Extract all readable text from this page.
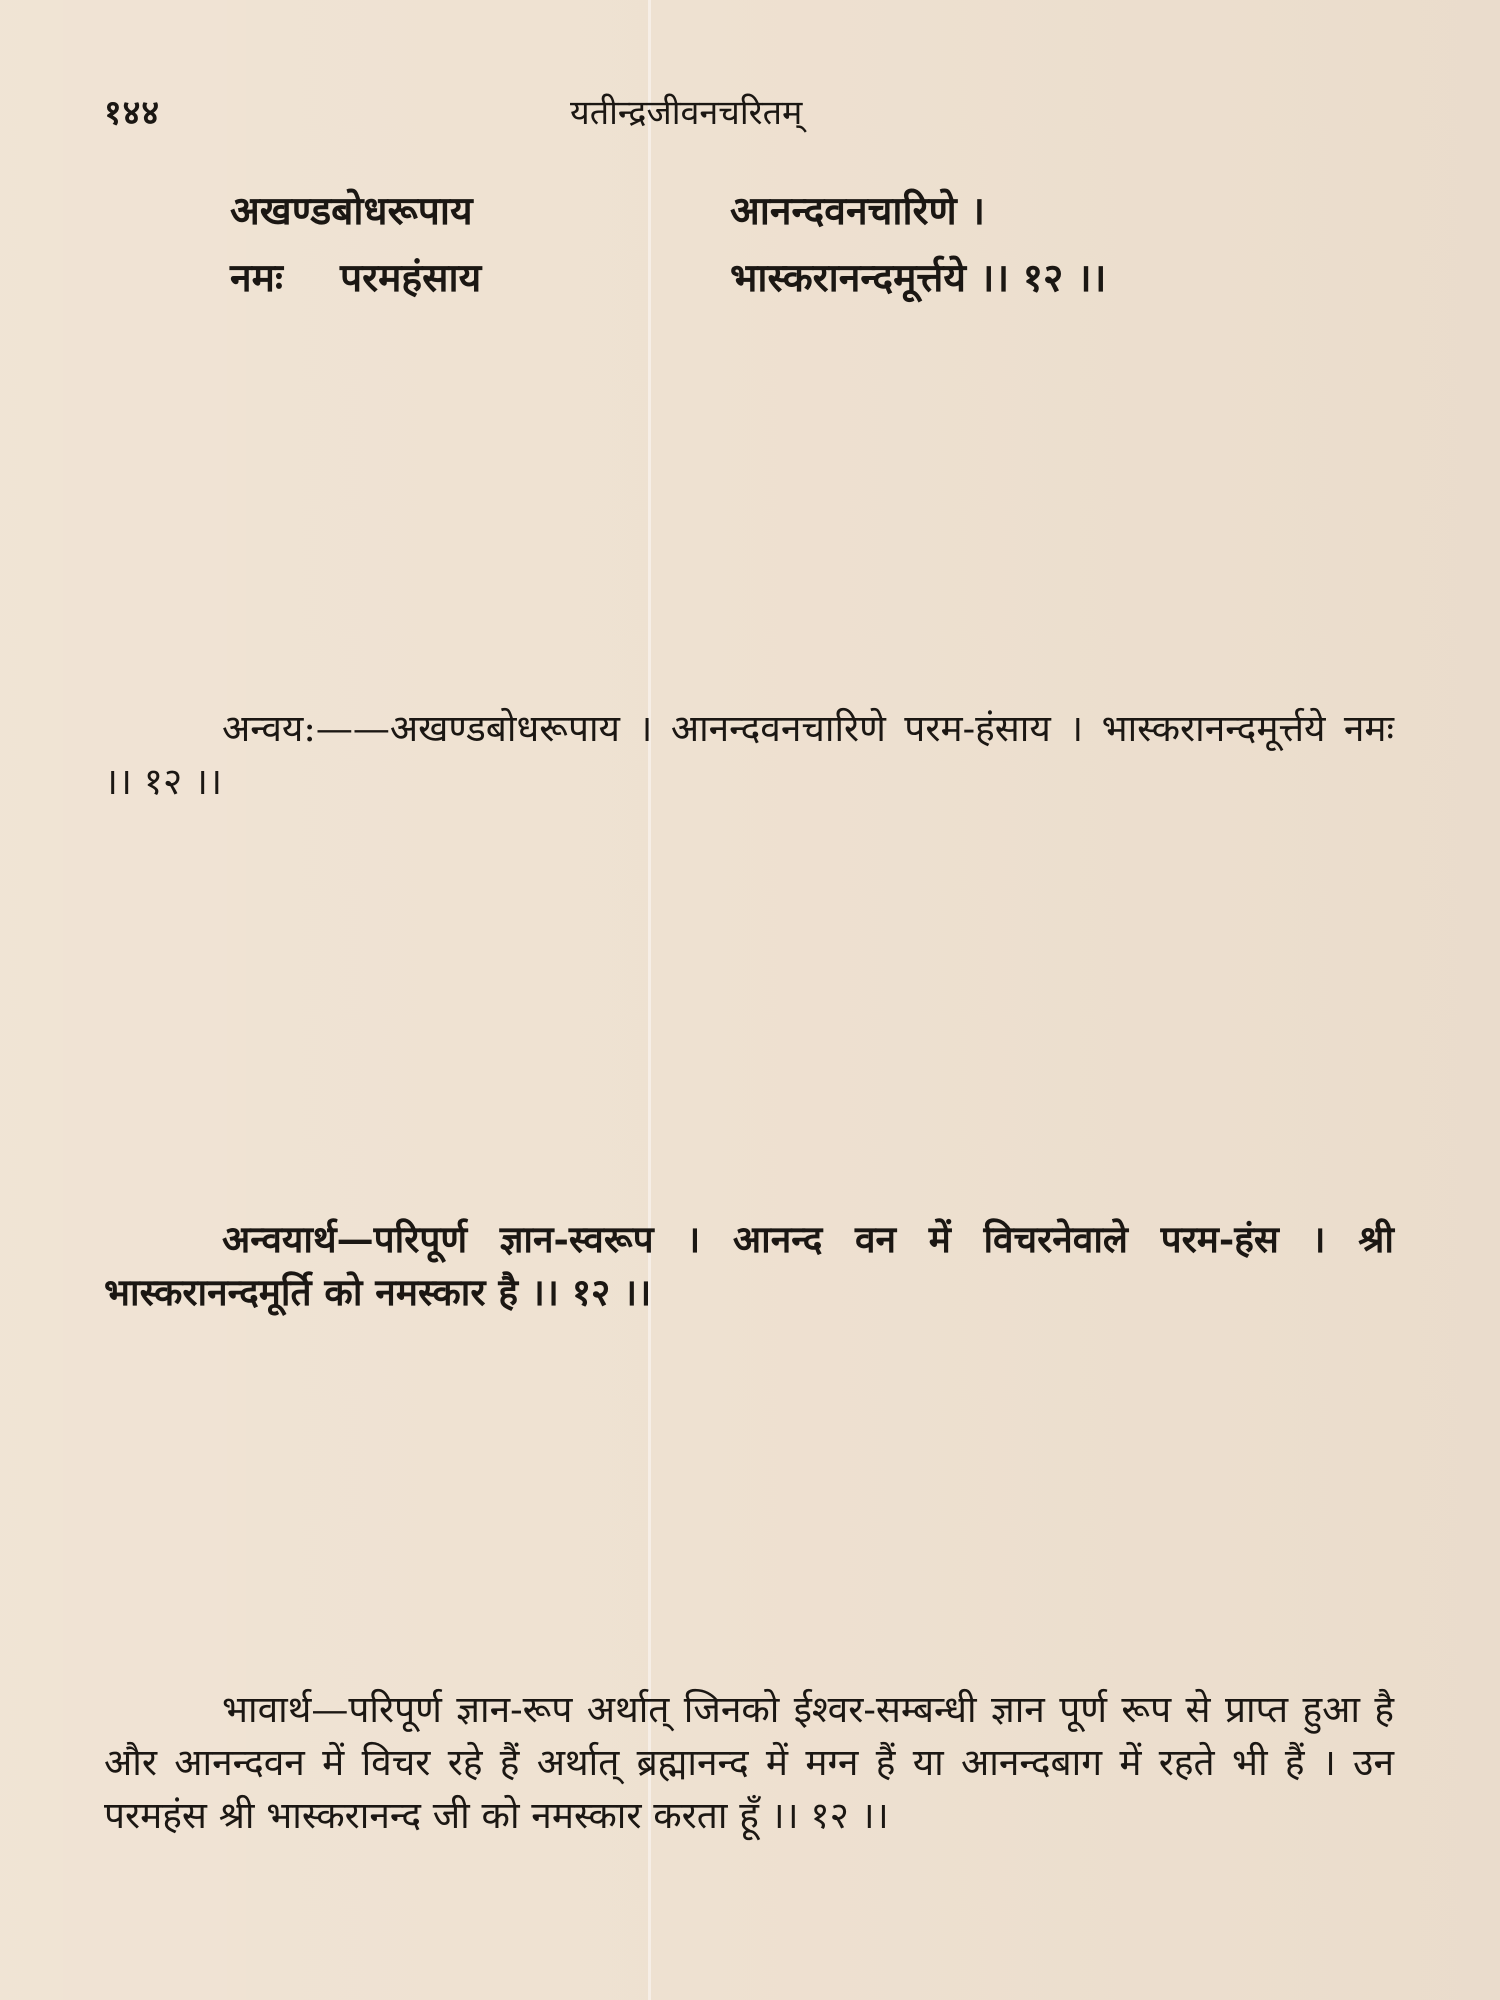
१४४	यतीन्द्रजीवनचरितम्
अखण्डबोधरूपाय	आनन्दवनचारिणे ।
नमः	परमहंसाय	भास्करानन्दमूर्त्तये ।। १२ ।।
अन्वय:——अखण्डबोधरूपाय । आनन्दवनचारिणे परम-हंसाय । भास्करानन्दमूर्त्तये नमः ।। १२ ।।
अन्वयार्थ—परिपूर्ण ज्ञान-स्वरूप । आनन्द वन में विचरनेवाले परम-हंस । श्री भास्करानन्दमूर्ति को नमस्कार है ।। १२ ।।
भावार्थ—परिपूर्ण ज्ञान-रूप अर्थात् जिनको ईश्वर-सम्बन्धी ज्ञान पूर्ण रूप से प्राप्त हुआ है और आनन्दवन में विचर रहे हैं अर्थात् ब्रह्मानन्द में मग्न हैं या आनन्दबाग में रहते भी हैं । उन परमहंस श्री भास्करानन्द जी को नमस्कार करता हूँ ।। १२ ।।
